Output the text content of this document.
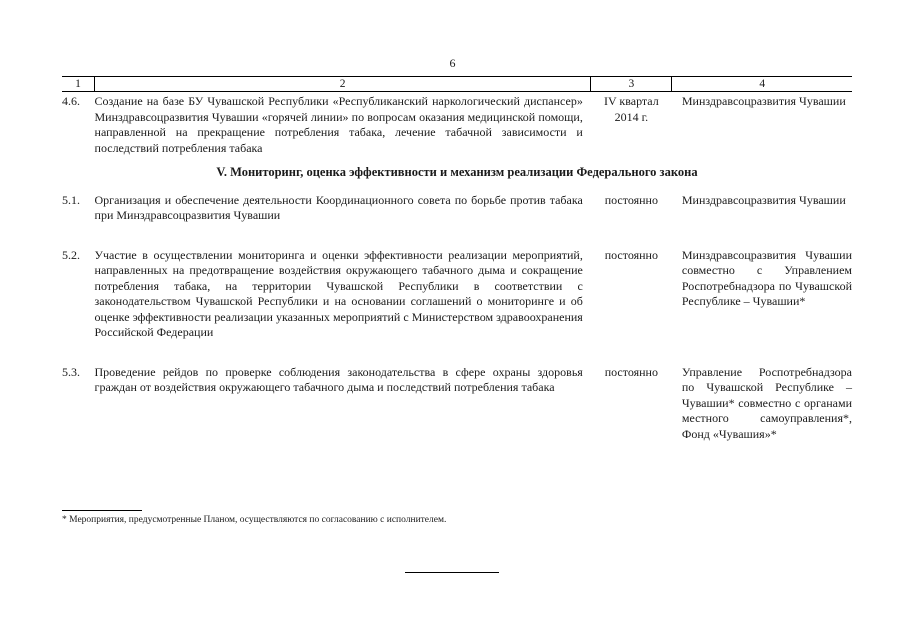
6
1	2	3	4
4.6.	Создание на базе БУ Чувашской Республики «Республиканский наркологический диспансер» Минздравсоцразвития Чувашии «горячей линии» по вопросам оказания медицинской помощи, направленной на прекращение потребления табака, лечение табачной зависимости и последствий потребления табака	IV квартал 2014 г.	Минздравсоцразвития Чувашии
V. Мониторинг, оценка эффективности и механизм реализации Федерального закона			
5.1.	Организация и обеспечение деятельности Координационного совета по борьбе против табака при Минздравсоцразвития Чувашии	постоянно	Минздравсоцразвития Чувашии

5.2.	Участие в осуществлении мониторинга и оценки эффективности реализации мероприятий, направленных на предотвращение воздействия окружающего табачного дыма и сокращение потребления табака, на территории Чувашской Республики в соответствии с законодательством Чувашской Республики и на основании соглашений о мониторинге и об оценке эффективности реализации указанных мероприятий с Министерством здравоохранения Российской Федерации	постоянно	Минздравсоцразвития Чувашии совместно с Управлением Роспотребнадзора по Чувашской Республике – Чувашии*

5.3.	Проведение рейдов по проверке соблюдения законодательства в сфере охраны здоровья граждан от воздействия окружающего табачного дыма и последствий потребления табака	постоянно	Управление Роспотребнадзора по Чувашской Республике – Чувашии* совместно с органами местного самоуправления*, Фонд «Чувашия»*
* Мероприятия, предусмотренные Планом, осуществляются по согласованию с исполнителем.
